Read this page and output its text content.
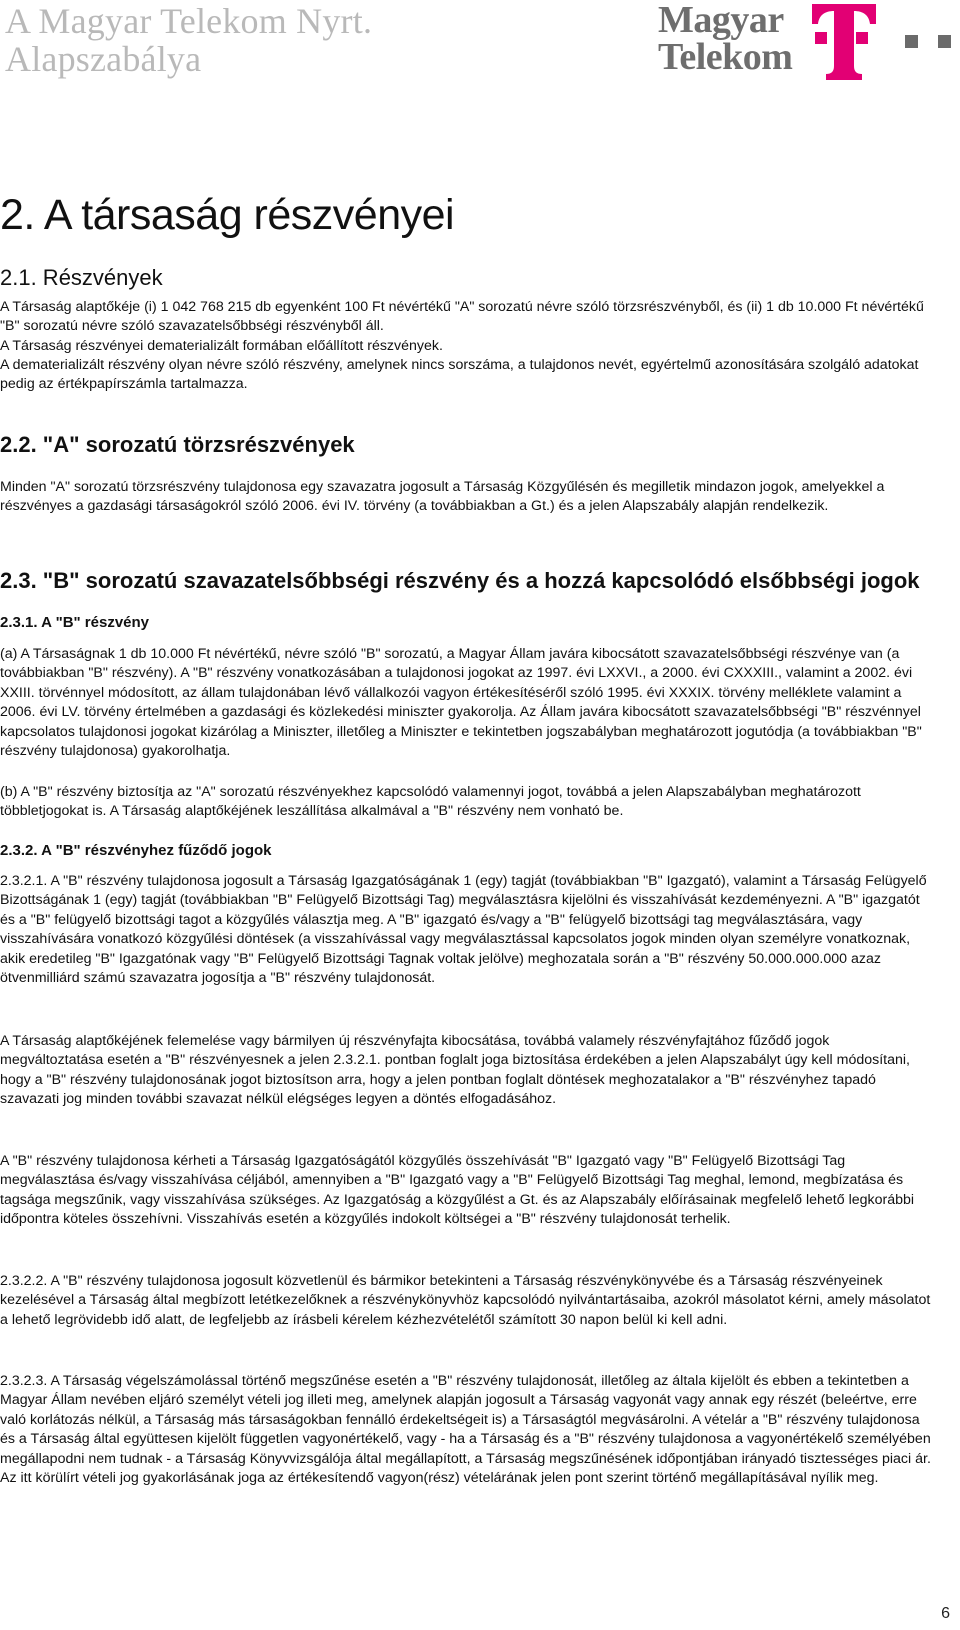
A Magyar Telekom Nyrt.
Alapszabálya
Magyar
Telekom
2. A társaság részvényei
2.1. Részvények

A Társaság alaptőkéje (i) 1 042 768 215 db egyenként 100 Ft névértékű "A" sorozatú névre szóló törzsrészvényből, és (ii) 1 db 10.000 Ft névértékű "B" sorozatú névre szóló szavazatelsőbbségi részvényből áll.

A Társaság részvényei dematerializált formában előállított részvények.

A dematerializált részvény olyan névre szóló részvény, amelynek nincs sorszáma, a tulajdonos nevét, egyértelmű azonosítására szolgáló adatokat pedig az értékpapírszámla tartalmazza.

2.2. "A" sorozatú törzsrészvények

Minden "A" sorozatú törzsrészvény tulajdonosa egy szavazatra jogosult a Társaság Közgyűlésén és megilletik mindazon jogok, amelyekkel a részvényes a gazdasági társaságokról szóló 2006. évi IV. törvény (a továbbiakban a Gt.) és a jelen Alapszabály alapján rendelkezik.

2.3. "B" sorozatú szavazatelsőbbségi részvény és a hozzá kapcsolódó elsőbbségi jogok
2.3.1. A "B" részvény

(a) A Társaságnak 1 db 10.000 Ft névértékű, névre szóló "B" sorozatú, a Magyar Állam javára kibocsátott szavazatelsőbbségi részvénye van (a továbbiakban "B" részvény). A "B" részvény vonatkozásában a tulajdonosi jogokat az 1997. évi LXXVI., a 2000. évi CXXXIII., valamint a 2002. évi XXIII. törvénnyel módosított, az állam tulajdonában lévő vállalkozói vagyon értékesítéséről szóló 1995. évi XXXIX. törvény melléklete valamint a 2006. évi LV. törvény értelmében a gazdasági és közlekedési miniszter gyakorolja. Az Állam javára kibocsátott szavazatelsőbbségi "B" részvénnyel kapcsolatos tulajdonosi jogokat kizárólag a Miniszter, illetőleg a Miniszter e tekintetben jogszabályban meghatározott jogutódja (a továbbiakban "B" részvény tulajdonosa) gyakorolhatja.

(b) A "B" részvény biztosítja az "A" sorozatú részvényekhez kapcsolódó valamennyi jogot, továbbá a jelen Alapszabályban meghatározott többletjogokat is. A Társaság alaptőkéjének leszállítása alkalmával a "B" részvény nem vonható be.

2.3.2. A "B" részvényhez fűződő jogok

2.3.2.1. A "B" részvény tulajdonosa jogosult a Társaság Igazgatóságának 1 (egy) tagját (továbbiakban "B" Igazgató), valamint a Társaság Felügyelő Bizottságának 1 (egy) tagját (továbbiakban "B" Felügyelő Bizottsági Tag) megválasztásra kijelölni és visszahívását kezdeményezni. A "B" igazgatót és a "B" felügyelő bizottsági tagot a közgyűlés választja meg. A "B" igazgató és/vagy a "B" felügyelő bizottsági tag megválasztására, vagy visszahívására vonatkozó közgyűlési döntések (a visszahívással vagy megválasztással kapcsolatos jogok minden olyan személyre vonatkoznak, akik eredetileg "B" Igazgatónak vagy "B" Felügyelő Bizottsági Tagnak voltak jelölve) meghozatala során a "B" részvény 50.000.000.000 azaz ötvenmilliárd számú szavazatra jogosítja a "B" részvény tulajdonosát.

A Társaság alaptőkéjének felemelése vagy bármilyen új részvényfajta kibocsátása, továbbá valamely részvényfajtához fűződő jogok megváltoztatása esetén a "B" részvényesnek a jelen 2.3.2.1. pontban foglalt joga biztosítása érdekében a jelen Alapszabályt úgy kell módosítani, hogy a "B" részvény tulajdonosának jogot biztosítson arra, hogy a jelen pontban foglalt döntések meghozatalakor a "B" részvényhez tapadó szavazati jog minden további szavazat nélkül elégséges legyen a döntés elfogadásához.

A "B" részvény tulajdonosa kérheti a Társaság Igazgatóságától közgyűlés összehívását "B" Igazgató vagy "B" Felügyelő Bizottsági Tag megválasztása és/vagy visszahívása céljából, amennyiben a "B" Igazgató vagy a "B" Felügyelő Bizottsági Tag meghal, lemond, megbízatása és tagsága megszűnik, vagy visszahívása szükséges. Az Igazgatóság a közgyűlést a Gt. és az Alapszabály előírásainak megfelelő lehető legkorábbi időpontra köteles összehívni. Visszahívás esetén a közgyűlés indokolt költségei a "B" részvény tulajdonosát terhelik.

2.3.2.2. A "B" részvény tulajdonosa jogosult közvetlenül és bármikor betekinteni a Társaság részvénykönyvébe és a Társaság részvényeinek kezelésével a Társaság által megbízott letétkezelőknek a részvénykönyvhöz kapcsolódó nyilvántartásaiba, azokról másolatot kérni, amely másolatot a lehető legrövidebb idő alatt, de legfeljebb az írásbeli kérelem kézhezvételétől számított 30 napon belül ki kell adni.

2.3.2.3. A Társaság végelszámolással történő megszűnése esetén a "B" részvény tulajdonosát, illetőleg az általa kijelölt és ebben a tekintetben a Magyar Állam nevében eljáró személyt vételi jog illeti meg, amelynek alapján jogosult a Társaság vagyonát vagy annak egy részét (beleértve, erre való korlátozás nélkül, a Társaság más társaságokban fennálló érdekeltségeit is) a Társaságtól megvásárolni. A vételár a "B" részvény tulajdonosa és a Társaság által együttesen kijelölt független vagyonértékelő, vagy - ha a Társaság és a "B" részvény tulajdonosa a vagyonértékelő személyében megállapodni nem tudnak - a Társaság Könyvvizsgálója által megállapított, a Társaság megszűnésének időpontjában irányadó tisztességes piaci ár. Az itt körülírt vételi jog gyakorlásának joga az értékesítendő vagyon(rész) vételárának jelen pont szerint történő megállapításával nyílik meg.

6
